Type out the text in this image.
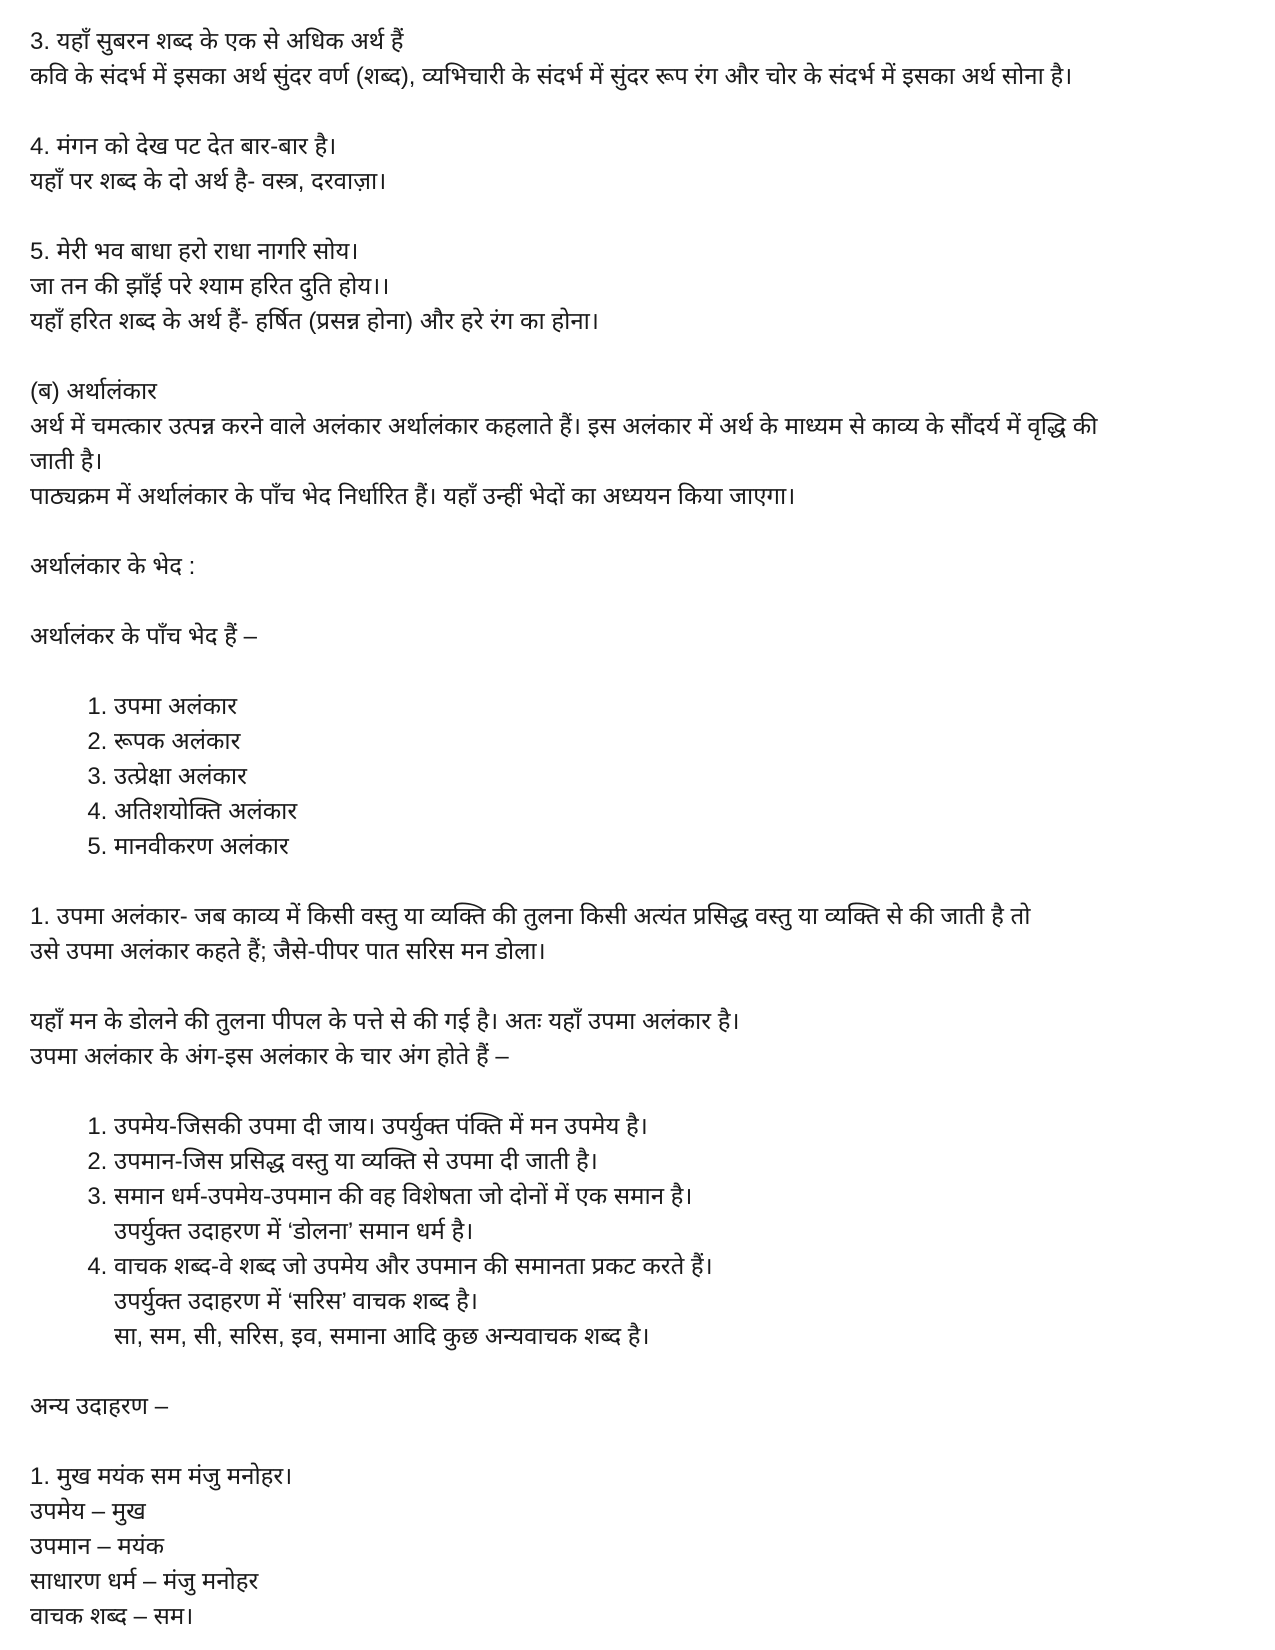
3. यहाँ सुबरन शब्द के एक से अधिक अर्थ हैं
कवि के संदर्भ में इसका अर्थ सुंदर वर्ण (शब्द), व्यभिचारी के संदर्भ में सुंदर रूप रंग और चोर के संदर्भ में इसका अर्थ सोना है।
4. मंगन को देख पट देत बार-बार है।
यहाँ पर शब्द के दो अर्थ है- वस्त्र, दरवाज़ा।
5. मेरी भव बाधा हरो राधा नागरि सोय।
जा तन की झाँई परे श्याम हरित दुति होय।।
यहाँ हरित शब्द के अर्थ हैं- हर्षित (प्रसन्न होना) और हरे रंग का होना।
(ब) अर्थालंकार
अर्थ में चमत्कार उत्पन्न करने वाले अलंकार अर्थालंकार कहलाते हैं। इस अलंकार में अर्थ के माध्यम से काव्य के सौंदर्य में वृद्धि की
जाती है।
पाठ्यक्रम में अर्थालंकार के पाँच भेद निर्धारित हैं। यहाँ उन्हीं भेदों का अध्ययन किया जाएगा।
अर्थालंकार के भेद :
अर्थालंकर के पाँच भेद हैं –
1. उपमा अलंकार
2. रूपक अलंकार
3. उत्प्रेक्षा अलंकार
4. अतिशयोक्ति अलंकार
5. मानवीकरण अलंकार
1. उपमा अलंकार- जब काव्य में किसी वस्तु या व्यक्ति की तुलना किसी अत्यंत प्रसिद्ध वस्तु या व्यक्ति से की जाती है तो
उसे उपमा अलंकार कहते हैं; जैसे-पीपर पात सरिस मन डोला।
यहाँ मन के डोलने की तुलना पीपल के पत्ते से की गई है। अतः यहाँ उपमा अलंकार है।
उपमा अलंकार के अंग-इस अलंकार के चार अंग होते हैं –
1. उपमेय-जिसकी उपमा दी जाय। उपर्युक्त पंक्ति में मन उपमेय है।
2. उपमान-जिस प्रसिद्ध वस्तु या व्यक्ति से उपमा दी जाती है।
3. समान धर्म-उपमेय-उपमान की वह विशेषता जो दोनों में एक समान है।
उपर्युक्त उदाहरण में ‘डोलना’ समान धर्म है।
4. वाचक शब्द-वे शब्द जो उपमेय और उपमान की समानता प्रकट करते हैं।
उपर्युक्त उदाहरण में ‘सरिस’ वाचक शब्द है।
सा, सम, सी, सरिस, इव, समाना आदि कुछ अन्यवाचक शब्द है।
अन्य उदाहरण –
1. मुख मयंक सम मंजु मनोहर।
उपमेय – मुख
उपमान – मयंक
साधारण धर्म – मंजु मनोहर
वाचक शब्द – सम।
